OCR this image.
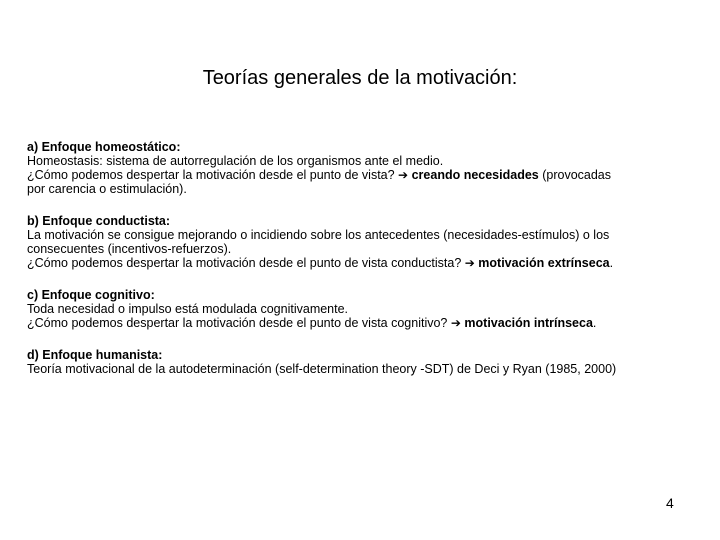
Teorías generales de la motivación:
a) Enfoque homeostático:
Homeostasis: sistema de autorregulación de los organismos ante el medio.
¿Cómo podemos despertar la motivación desde el punto de vista? ➔ creando necesidades (provocadas
por carencia o estimulación).
b) Enfoque conductista:
La motivación se consigue mejorando o incidiendo sobre los antecedentes (necesidades-estímulos) o los
consecuentes (incentivos-refuerzos).
¿Cómo podemos despertar la motivación desde el punto de vista conductista? ➔ motivación extrínseca.
c) Enfoque cognitivo:
Toda necesidad o impulso está modulada cognitivamente.
¿Cómo podemos despertar la motivación desde el punto de vista cognitivo? ➔ motivación intrínseca.
d) Enfoque humanista:
Teoría motivacional de la autodeterminación (self-determination theory -SDT) de Deci y Ryan (1985, 2000)
4
